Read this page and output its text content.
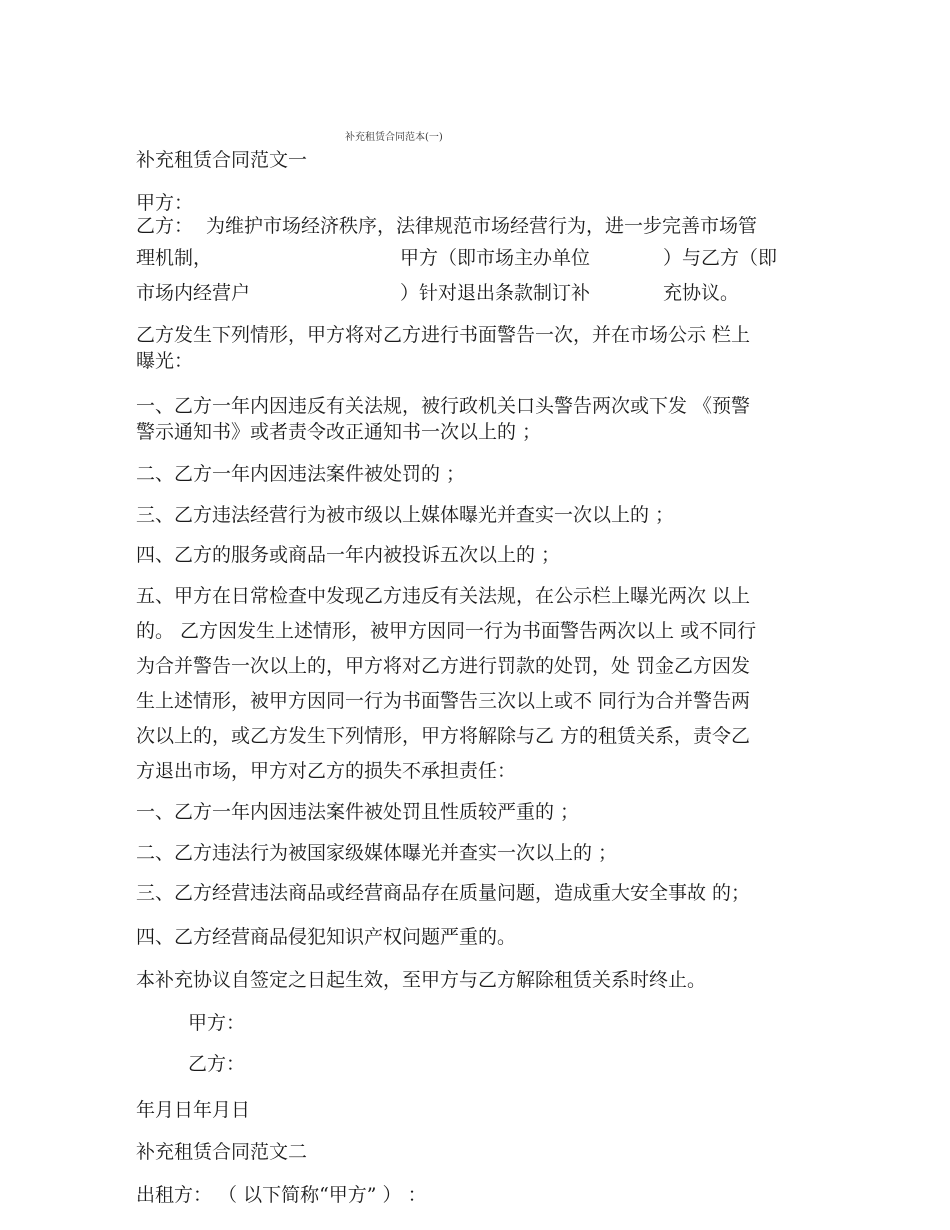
补充租赁合同范本(一)
补充租赁合同范文一
甲方：
乙方： 为维护市场经济秩序，法律规范市场经营行为，进一步完善市场管
理机制，	甲方（即市场主办单位	）与乙方（即
市场内经营户	）针对退出条款制订补	充协议。
乙方发生下列情形，甲方将对乙方进行书面警告一次，并在市场公示 栏上
曝光：
一、乙方一年内因违反有关法规，被行政机关口头警告两次或下发 《预警
警示通知书》或者责令改正通知书一次以上的 ；
二、乙方一年内因违法案件被处罚的 ；
三、乙方违法经营行为被市级以上媒体曝光并查实一次以上的 ；
四、乙方的服务或商品一年内被投诉五次以上的 ；
五、甲方在日常检查中发现乙方违反有关法规，在公示栏上曝光两次 以上
的。 乙方因发生上述情形，被甲方因同一行为书面警告两次以上 或不同行
为合并警告一次以上的，甲方将对乙方进行罚款的处罚，处 罚金乙方因发
生上述情形，被甲方因同一行为书面警告三次以上或不 同行为合并警告两
次以上的，或乙方发生下列情形，甲方将解除与乙 方的租赁关系，责令乙
方退出市场，甲方对乙方的损失不承担责任：
一、乙方一年内因违法案件被处罚且性质较严重的 ；
二、乙方违法行为被国家级媒体曝光并查实一次以上的 ；
三、乙方经营违法商品或经营商品存在质量问题，造成重大安全事故 的；
四、乙方经营商品侵犯知识产权问题严重的。
本补充协议自签定之日起生效，至甲方与乙方解除租赁关系时终止。
甲方：
乙方：
年月日年月日
补充租赁合同范文二
出租方： （ 以下简称“甲方” ） ：
